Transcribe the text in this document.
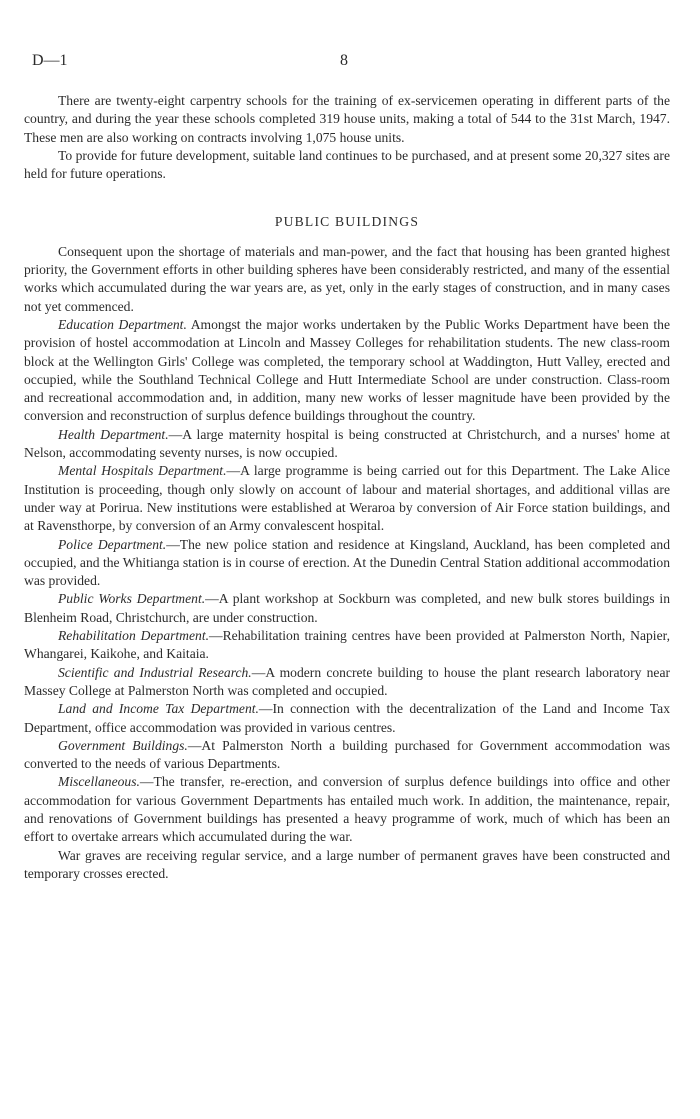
D—1	8

There are twenty-eight carpentry schools for the training of ex-servicemen operating in different parts of the country, and during the year these schools completed 319 house units, making a total of 544 to the 31st March, 1947. These men are also working on contracts involving 1,075 house units.

To provide for future development, suitable land continues to be purchased, and at present some 20,327 sites are held for future operations.

PUBLIC BUILDINGS

Consequent upon the shortage of materials and man-power, and the fact that housing has been granted highest priority, the Government efforts in other building spheres have been considerably restricted, and many of the essential works which accumulated during the war years are, as yet, only in the early stages of construction, and in many cases not yet commenced.

Education Department. Amongst the major works undertaken by the Public Works Department have been the provision of hostel accommodation at Lincoln and Massey Colleges for rehabilitation students. The new class-room block at the Wellington Girls' College was completed, the temporary school at Waddington, Hutt Valley, erected and occupied, while the Southland Technical College and Hutt Intermediate School are under construction. Class-room and recreational accommodation and, in addition, many new works of lesser magnitude have been provided by the conversion and reconstruction of surplus defence buildings throughout the country.

Health Department.—A large maternity hospital is being constructed at Christchurch, and a nurses' home at Nelson, accommodating seventy nurses, is now occupied.

Mental Hospitals Department.—A large programme is being carried out for this Department. The Lake Alice Institution is proceeding, though only slowly on account of labour and material shortages, and additional villas are under way at Porirua. New institutions were established at Weraroa by conversion of Air Force station buildings, and at Ravensthorpe, by conversion of an Army convalescent hospital.

Police Department.—The new police station and residence at Kingsland, Auckland, has been completed and occupied, and the Whitianga station is in course of erection. At the Dunedin Central Station additional accommodation was provided.

Public Works Department.—A plant workshop at Sockburn was completed, and new bulk stores buildings in Blenheim Road, Christchurch, are under construction.

Rehabilitation Department.—Rehabilitation training centres have been provided at Palmerston North, Napier, Whangarei, Kaikohe, and Kaitaia.

Scientific and Industrial Research.—A modern concrete building to house the plant research laboratory near Massey College at Palmerston North was completed and occupied.

Land and Income Tax Department.—In connection with the decentralization of the Land and Income Tax Department, office accommodation was provided in various centres.

Government Buildings.—At Palmerston North a building purchased for Government accommodation was converted to the needs of various Departments.

Miscellaneous.—The transfer, re-erection, and conversion of surplus defence buildings into office and other accommodation for various Government Departments has entailed much work. In addition, the maintenance, repair, and renovations of Government buildings has presented a heavy programme of work, much of which has been an effort to overtake arrears which accumulated during the war.

War graves are receiving regular service, and a large number of permanent graves have been constructed and temporary crosses erected.
